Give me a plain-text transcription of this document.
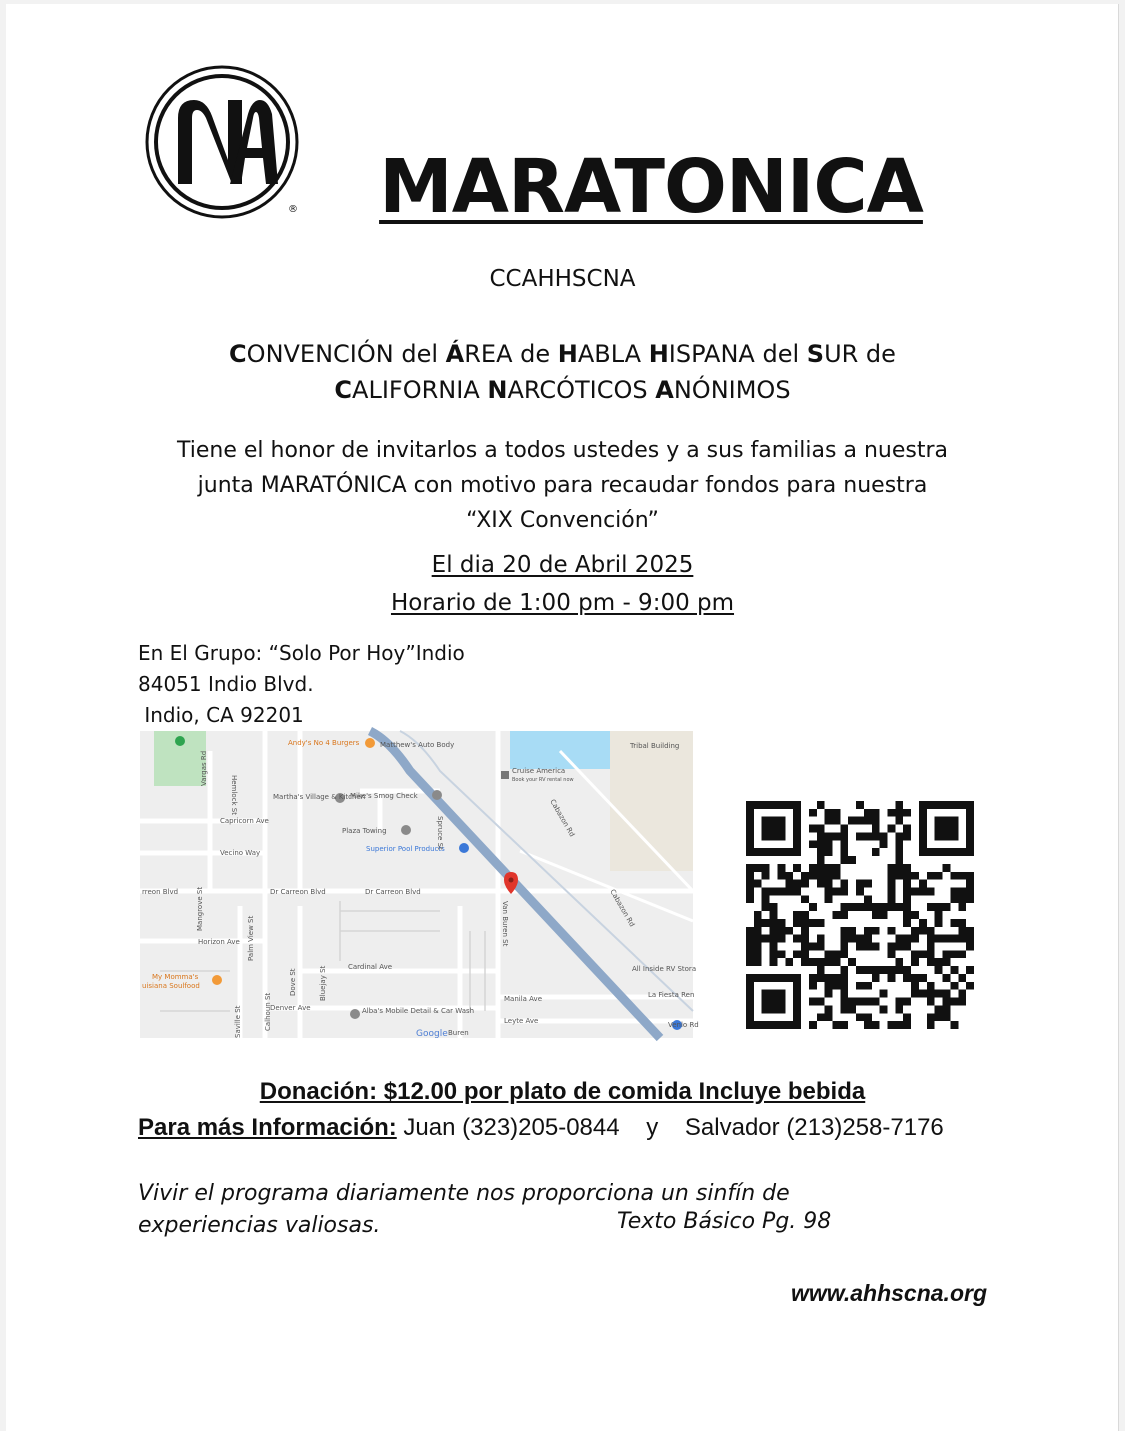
® MARATONICA
CCAHHSCNA
CONVENCIÓN del ÁREA de HABLA HISPANA del SUR de
CALIFORNIA NARCÓTICOS ANÓNIMOS
Tiene el honor de invitarlos a todos ustedes y a sus familias a nuestra
junta MARATÓNICA con motivo para recaudar fondos para nuestra
“XIX Convención”
El dia 20 de Abril 2025
Horario de 1:00 pm - 9:00 pm
En El Grupo: “Solo Por Hoy”Indio
84051 Indio Blvd.
Indio, CA 92201
Andy's No 4 Burgers	Matthew's Auto Body	Tribal Building
Cruise America
Book your RV rental now
Capricorn Ave
Martha's Village & Kitchen
Mike's Smog Check
Plaza Towing
Superior Pool Products
Vecino Way
rreon Blvd	Dr Carreon Blvd	Dr Carreon Blvd
Horizon Ave
Cardinal Ave	All Inside RV Stora
My Momma's
uisiana Soulfood
Denver Ave	Alba's Mobile Detail & Car Wash
La Fiesta Ren
Manila Ave
Leyte Ave	Venlo Rd
Buren
Google
Vargas Rd
Hemlock St
Cabazon Rd
Cabazon Rd
Mangrove St
Palm View St	Van Buren St
Dove St	Bluejay St
Spruce St
Calhoun St
Saville St
Donación: $12.00 por plato de comida Incluye bebida
Para más Información: Juan (323)205-0844    y    Salvador (213)258-7176
Vivir el programa diariamente nos proporciona un sinfín de
experiencias valiosas.	Texto Básico Pg. 98
www.ahhscna.org
